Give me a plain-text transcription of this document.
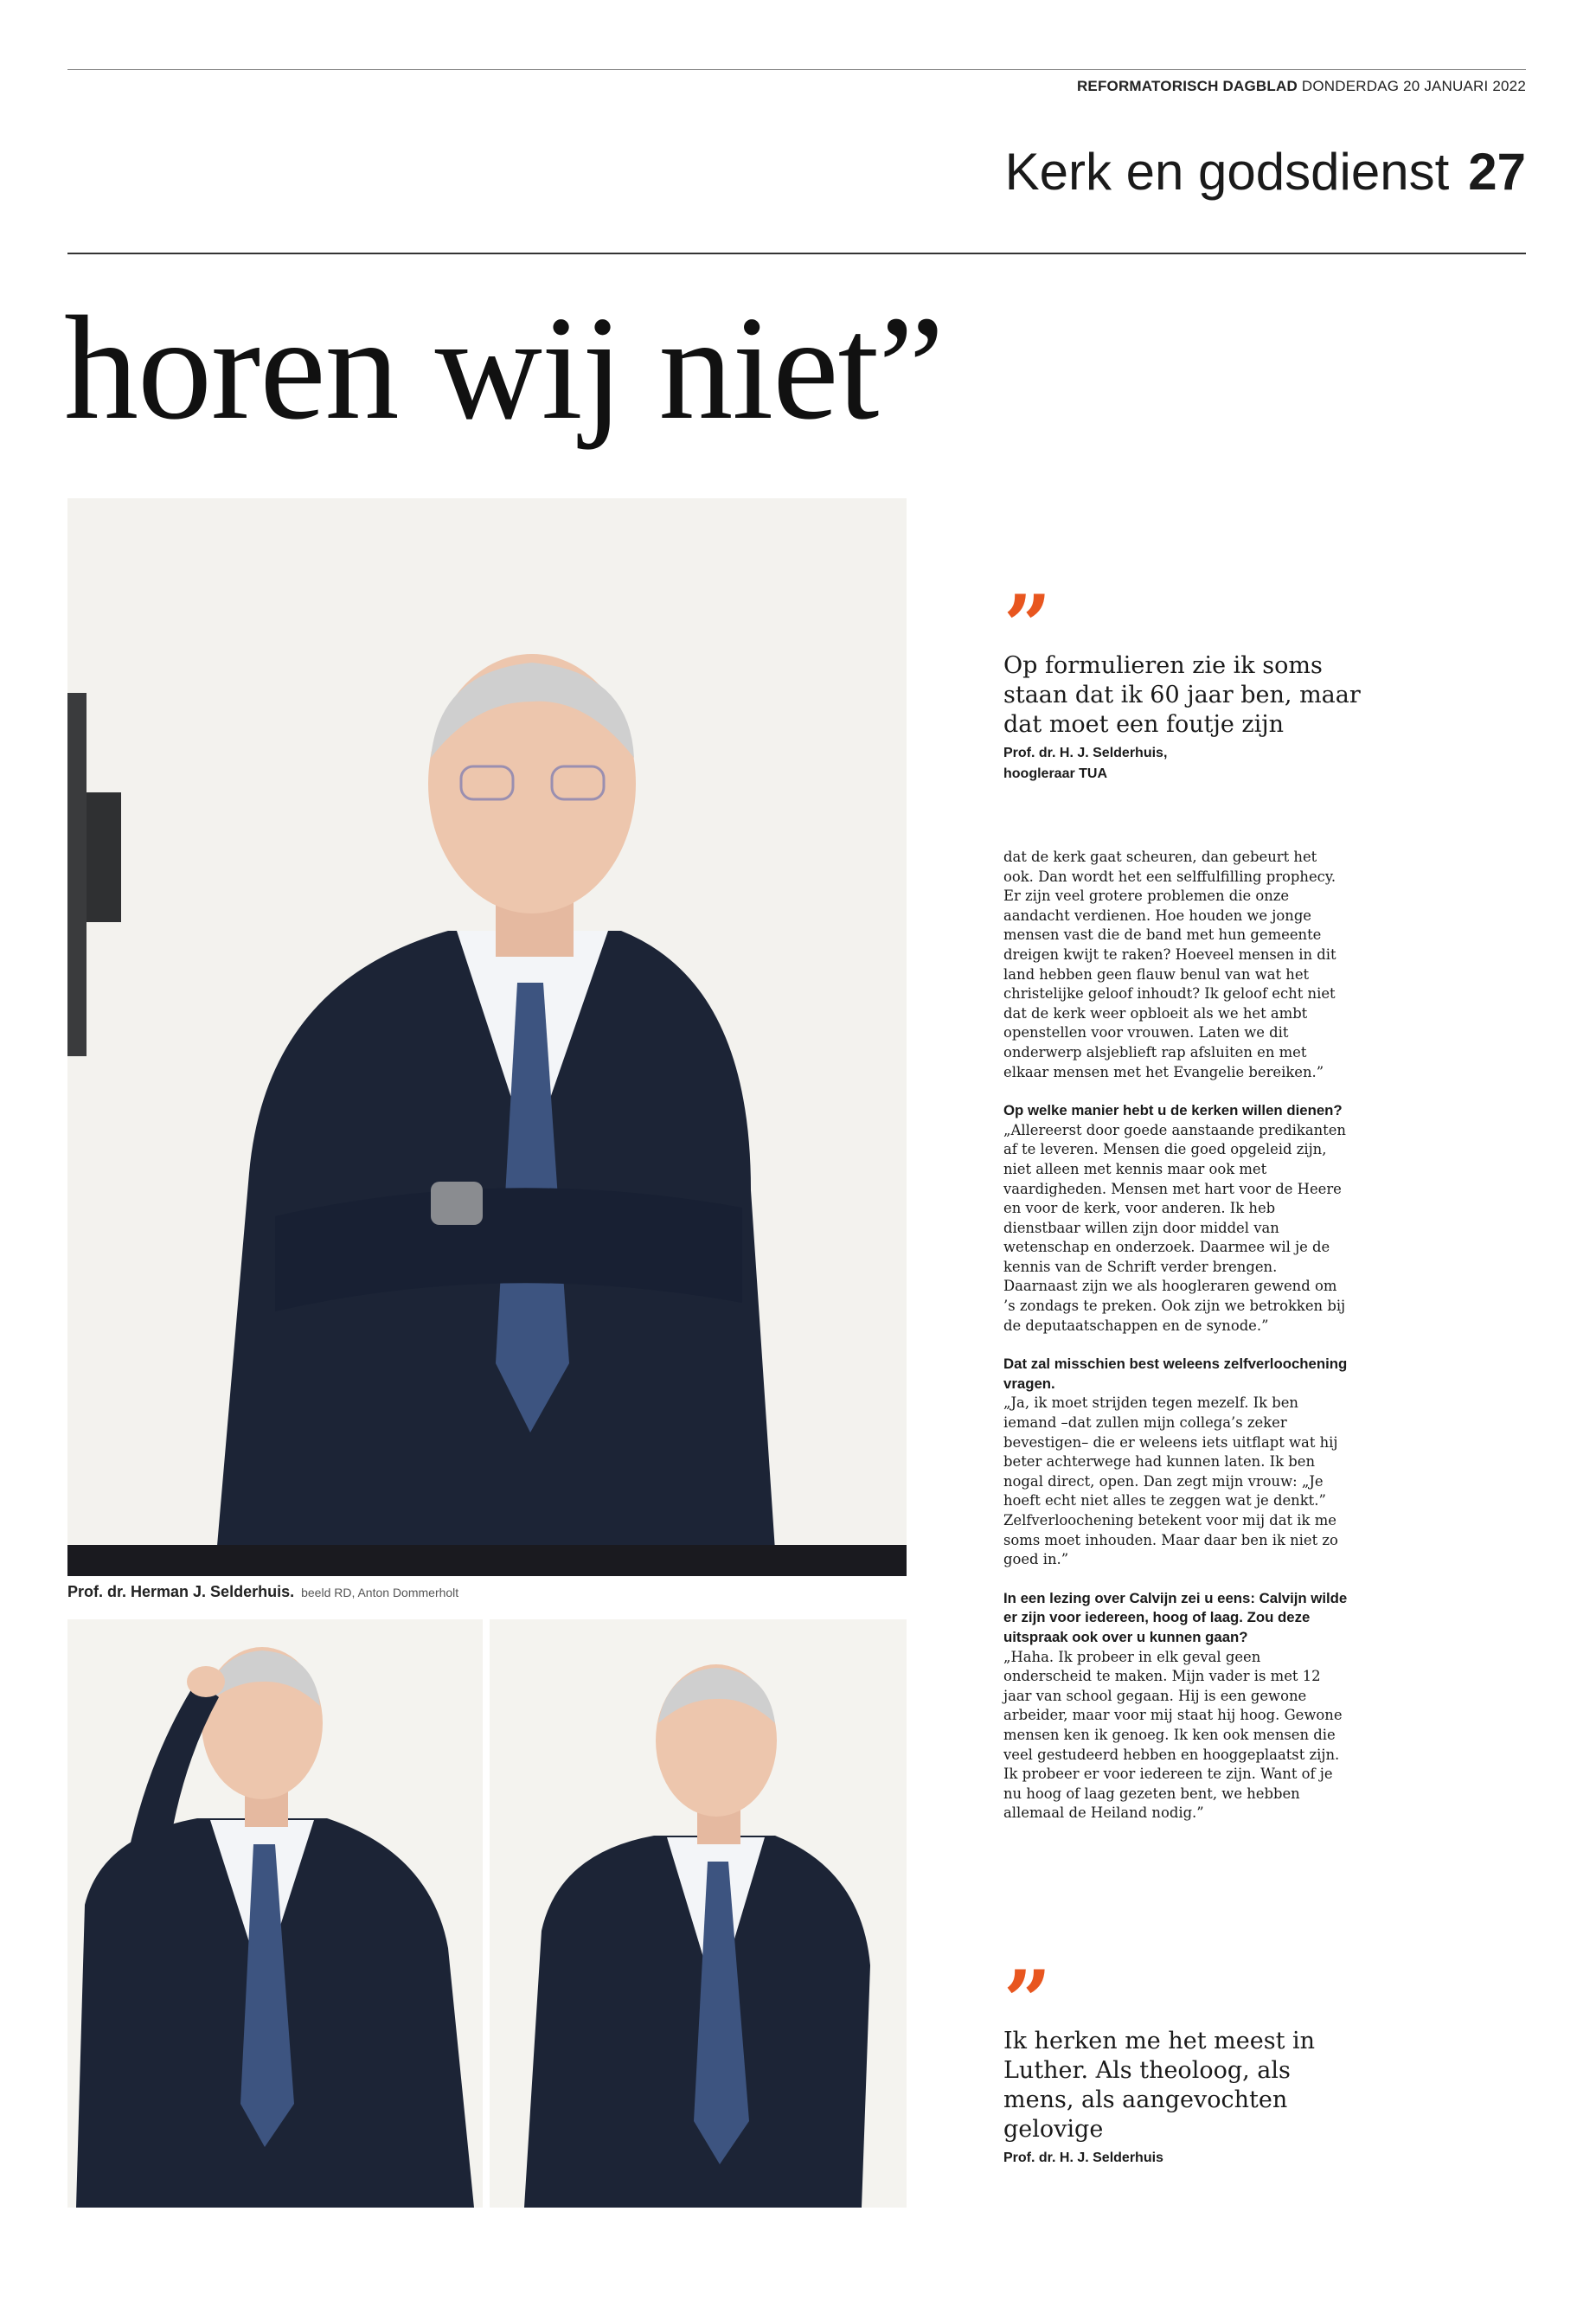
REFORMATORISCH DAGBLAD DONDERDAG 20 JANUARI 2022
Kerk en godsdienst 27
horen wij niet”
Prof. dr. Herman J. Selderhuis. beeld RD, Anton Dommerholt
”
Op formulieren zie ik soms staan dat ik 60 jaar ben, maar dat moet een foutje zijn
Prof. dr. H. J. Selderhuis,
hoogleraar TUA

dat de kerk gaat scheuren, dan gebeurt het ook. Dan wordt het een selffulfilling prophecy. Er zijn veel grotere problemen die onze aandacht verdienen. Hoe houden we jonge mensen vast die de band met hun gemeente dreigen kwijt te raken? Hoeveel mensen in dit land hebben geen flauw benul van wat het christelijke geloof inhoudt? Ik geloof echt niet dat de kerk weer opbloeit als we het ambt openstellen voor vrouwen. Laten we dit onderwerp alsjeblieft rap afsluiten en met elkaar mensen met het Evangelie bereiken.”

Op welke manier hebt u de kerken willen dienen?

„Allereerst door goede aanstaande predikanten af te leveren. Mensen die goed opgeleid zijn, niet alleen met kennis maar ook met vaardigheden. Mensen met hart voor de Heere en voor de kerk, voor anderen. Ik heb dienstbaar willen zijn door middel van wetenschap en onderzoek. Daarmee wil je de kennis van de Schrift verder brengen. Daarnaast zijn we als hoogleraren gewend om ’s zondags te preken. Ook zijn we betrokken bij de deputaatschappen en de synode.”

Dat zal misschien best weleens zelfverloochening vragen.

„Ja, ik moet strijden tegen mezelf. Ik ben iemand –dat zullen mijn collega’s zeker bevestigen– die er weleens iets uitflapt wat hij beter achterwege had kunnen laten. Ik ben nogal direct, open. Dan zegt mijn vrouw: „Je hoeft echt niet alles te zeggen wat je denkt.” Zelfverloochening betekent voor mij dat ik me soms moet inhouden. Maar daar ben ik niet zo goed in.”

In een lezing over Calvijn zei u eens: Calvijn wilde er zijn voor iedereen, hoog of laag. Zou deze uitspraak ook over u kunnen gaan?

„Haha. Ik probeer in elk geval geen onderscheid te maken. Mijn vader is met 12 jaar van school gegaan. Hij is een gewone arbeider, maar voor mij staat hij hoog. Gewone mensen ken ik genoeg. Ik ken ook mensen die veel gestudeerd hebben en hooggeplaatst zijn. Ik probeer er voor iedereen te zijn. Want of je nu hoog of laag gezeten bent, we hebben allemaal de Heiland nodig.”

”
Ik herken me het meest in Luther. Als theoloog, als mens, als aangevochten gelovige
Prof. dr. H. J. Selderhuis
